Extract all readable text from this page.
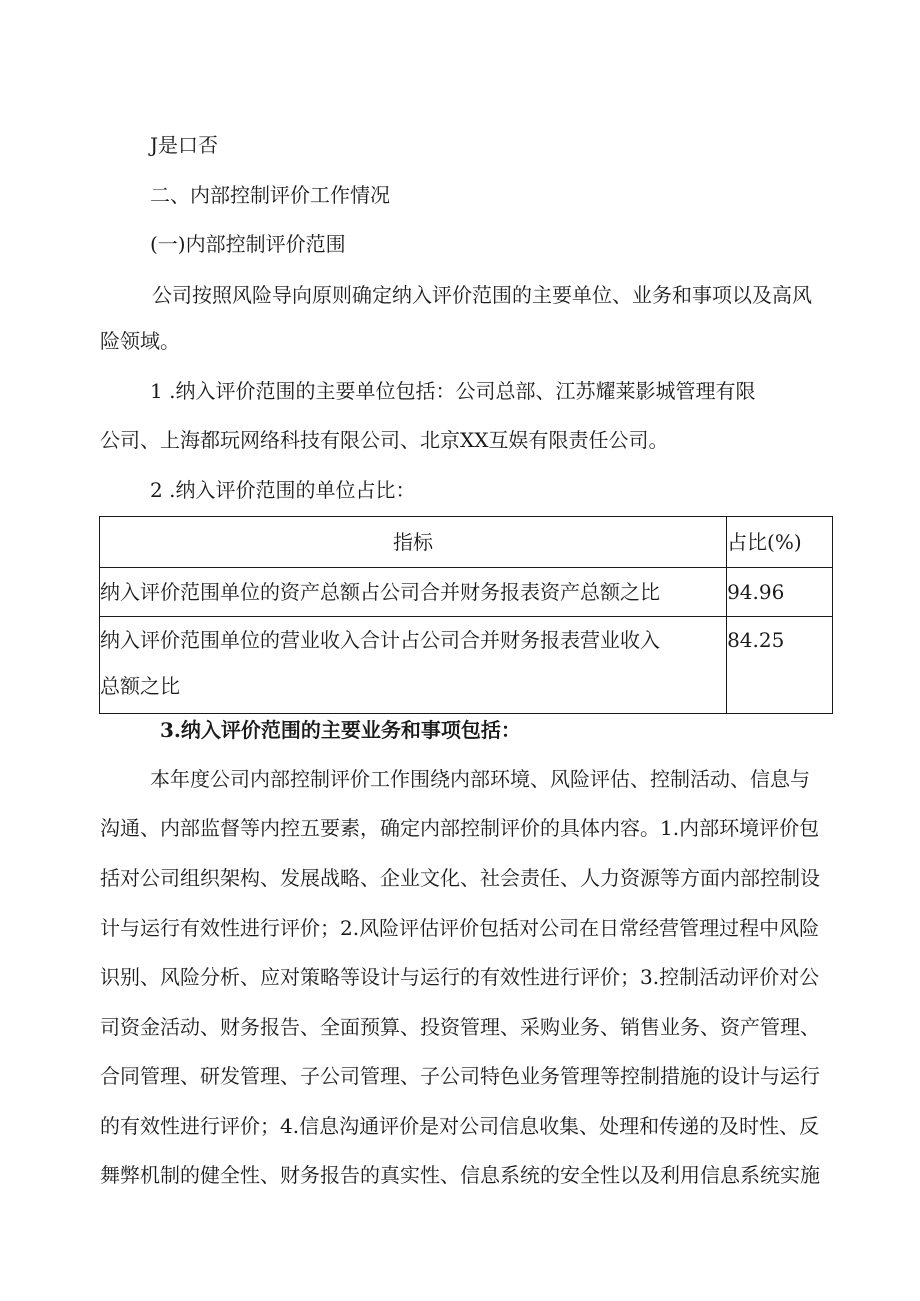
J是口否
二、内部控制评价工作情况
(一)内部控制评价范围
公司按照风险导向原则确定纳入评价范围的主要单位、业务和事项以及高风
险领域。
1 .纳入评价范围的主要单位包括：公司总部、江苏耀莱影城管理有限
公司、上海都玩网络科技有限公司、北京XX互娱有限责任公司。
2 .纳入评价范围的单位占比：
指标	占比(%)
纳入评价范围单位的资产总额占公司合并财务报表资产总额之比	94.96

纳入评价范围单位的营业收入合计占公司合并财务报表营业收入
总额之比	84.25
3.纳入评价范围的主要业务和事项包括：
本年度公司内部控制评价工作围绕内部环境、风险评估、控制活动、信息与
沟通、内部监督等内控五要素，确定内部控制评价的具体内容。1.内部环境评价包
括对公司组织架构、发展战略、企业文化、社会责任、人力资源等方面内部控制设
计与运行有效性进行评价；2.风险评估评价包括对公司在日常经营管理过程中风险
识别、风险分析、应对策略等设计与运行的有效性进行评价；3.控制活动评价对公
司资金活动、财务报告、全面预算、投资管理、采购业务、销售业务、资产管理、
合同管理、研发管理、子公司管理、子公司特色业务管理等控制措施的设计与运行
的有效性进行评价；4.信息沟通评价是对公司信息收集、处理和传递的及时性、反
舞弊机制的健全性、财务报告的真实性、信息系统的安全性以及利用信息系统实施
